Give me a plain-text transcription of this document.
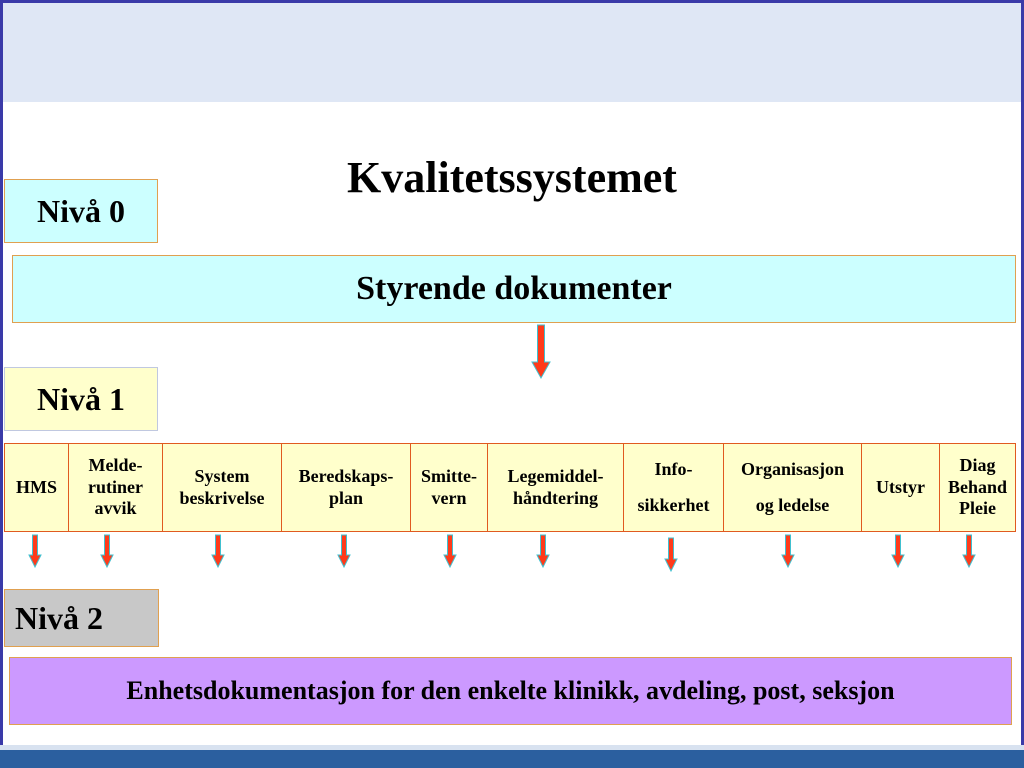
Kvalitetssystemet
Nivå 0
Styrende dokumenter
Nivå 1
HMS
Melde-
rutiner
avvik
System
beskrivelse
Beredskaps-
plan
Smitte-
vern
Legemiddel-
håndtering
Info-
sikkerhet
Organisasjon
og ledelse
Utstyr
Diag
Behand
Pleie
Nivå 2
Enhetsdokumentasjon for den enkelte klinikk, avdeling, post, seksjon
